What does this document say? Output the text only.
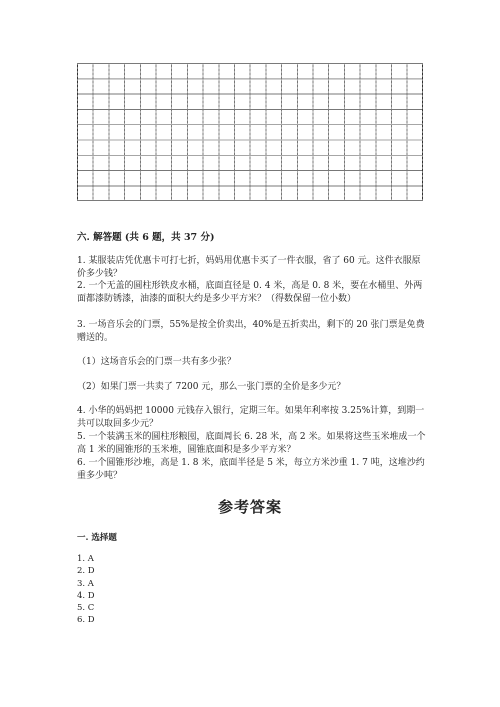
六. 解答题 (共 6 题，共 37 分)

1. 某服装店凭优惠卡可打七折，妈妈用优惠卡买了一件衣服，省了 60 元。这件衣服原价多少钱？

2. 一个无盖的圆柱形铁皮水桶，底面直径是 0. 4 米，高是 0. 8 米，要在水桶里、外两面都漆防锈漆，油漆的面积大约是多少平方米？（得数保留一位小数）

3. 一场音乐会的门票，55%是按全价卖出，40%是五折卖出，剩下的 20 张门票是免费赠送的。

（1）这场音乐会的门票一共有多少张？

（2）如果门票一共卖了 7200 元，那么一张门票的全价是多少元？

4. 小华的妈妈把 10000 元钱存入银行，定期三年。如果年利率按 3.25%计算，到期一共可以取回多少元？

5. 一个装满玉米的圆柱形粮囤，底面周长 6. 28 米，高 2 米。如果将这些玉米堆成一个高 1 米的圆锥形的玉米堆，圆锥底面积是多少平方米？

6. 一个圆锥形沙堆，高是 1. 8 米，底面半径是 5 米，每立方米沙重 1. 7 吨，这堆沙约重多少吨？

参考答案

一. 选择题

1. A
2. D
3. A
4. D
5. C
6. D
